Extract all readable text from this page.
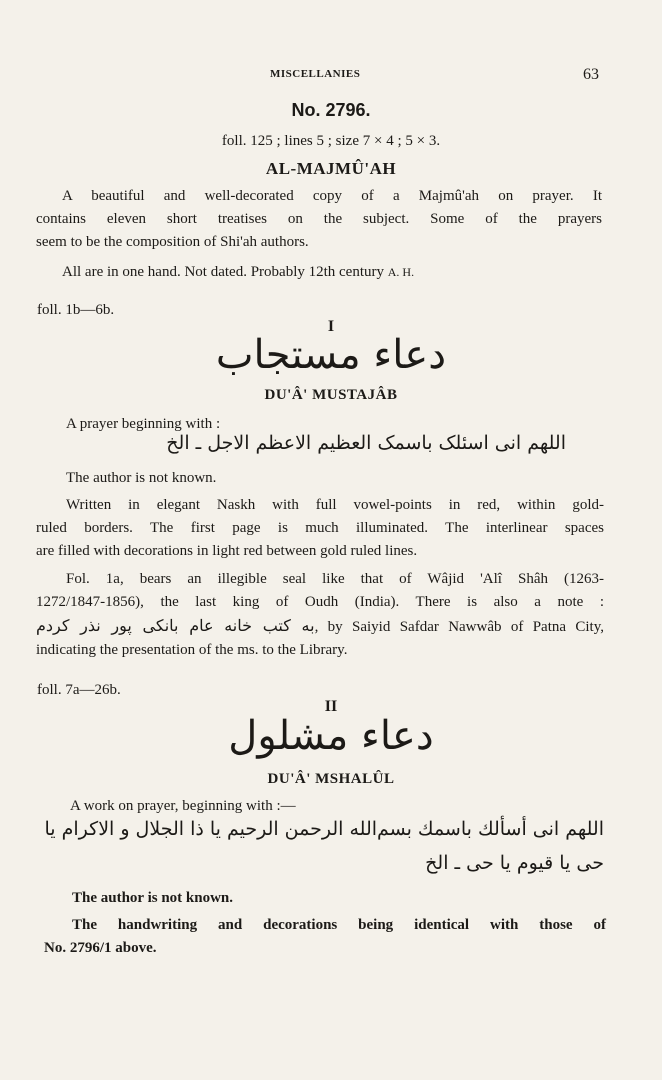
MISCELLANIES	63
No. 2796.
foll. 125 ; lines 5 ; size 7 × 4 ; 5 × 3.
AL-MAJMÛ'AH
A beautiful and well-decorated copy of a Majmû'ah on prayer. It
contains eleven short treatises on the subject. Some of the prayers
seem to be the composition of Shi'ah authors.
All are in one hand. Not dated. Probably 12th century A. H.
foll. 1b—6b.
I
دعاء مستجاب
DU'Â' MUSTAJÂB
A prayer beginning with :
اللهم انی اسئلک باسمک العظیم الاعظم الاجل ـ الخ
The author is not known.
Written in elegant Naskh with full vowel-points in red, within gold-
ruled borders. The first page is much illuminated. The interlinear spaces
are filled with decorations in light red between gold ruled lines.
Fol. 1a, bears an illegible seal like that of Wâjid 'Alî Shâh (1263-
1272/1847-1856), the last king of Oudh (India). There is also a note :
به کتب خانه عام بانکی پور نذر کردم, by Saiyid Safdar Nawwâb of Patna City,
indicating the presentation of the ms. to the Library.
foll. 7a—26b.
II
دعاء مشلول
DU'Â' MSHALÛL
A work on prayer, beginning with :—
اللهم انی أسألك باسمك بسم‌الله الرحمن الرحیم یا ذا الجلال و الاکرام یا
حی یا قیوم یا حی ـ الخ
The author is not known.
The handwriting and decorations being identical with those of
No. 2796/1 above.
